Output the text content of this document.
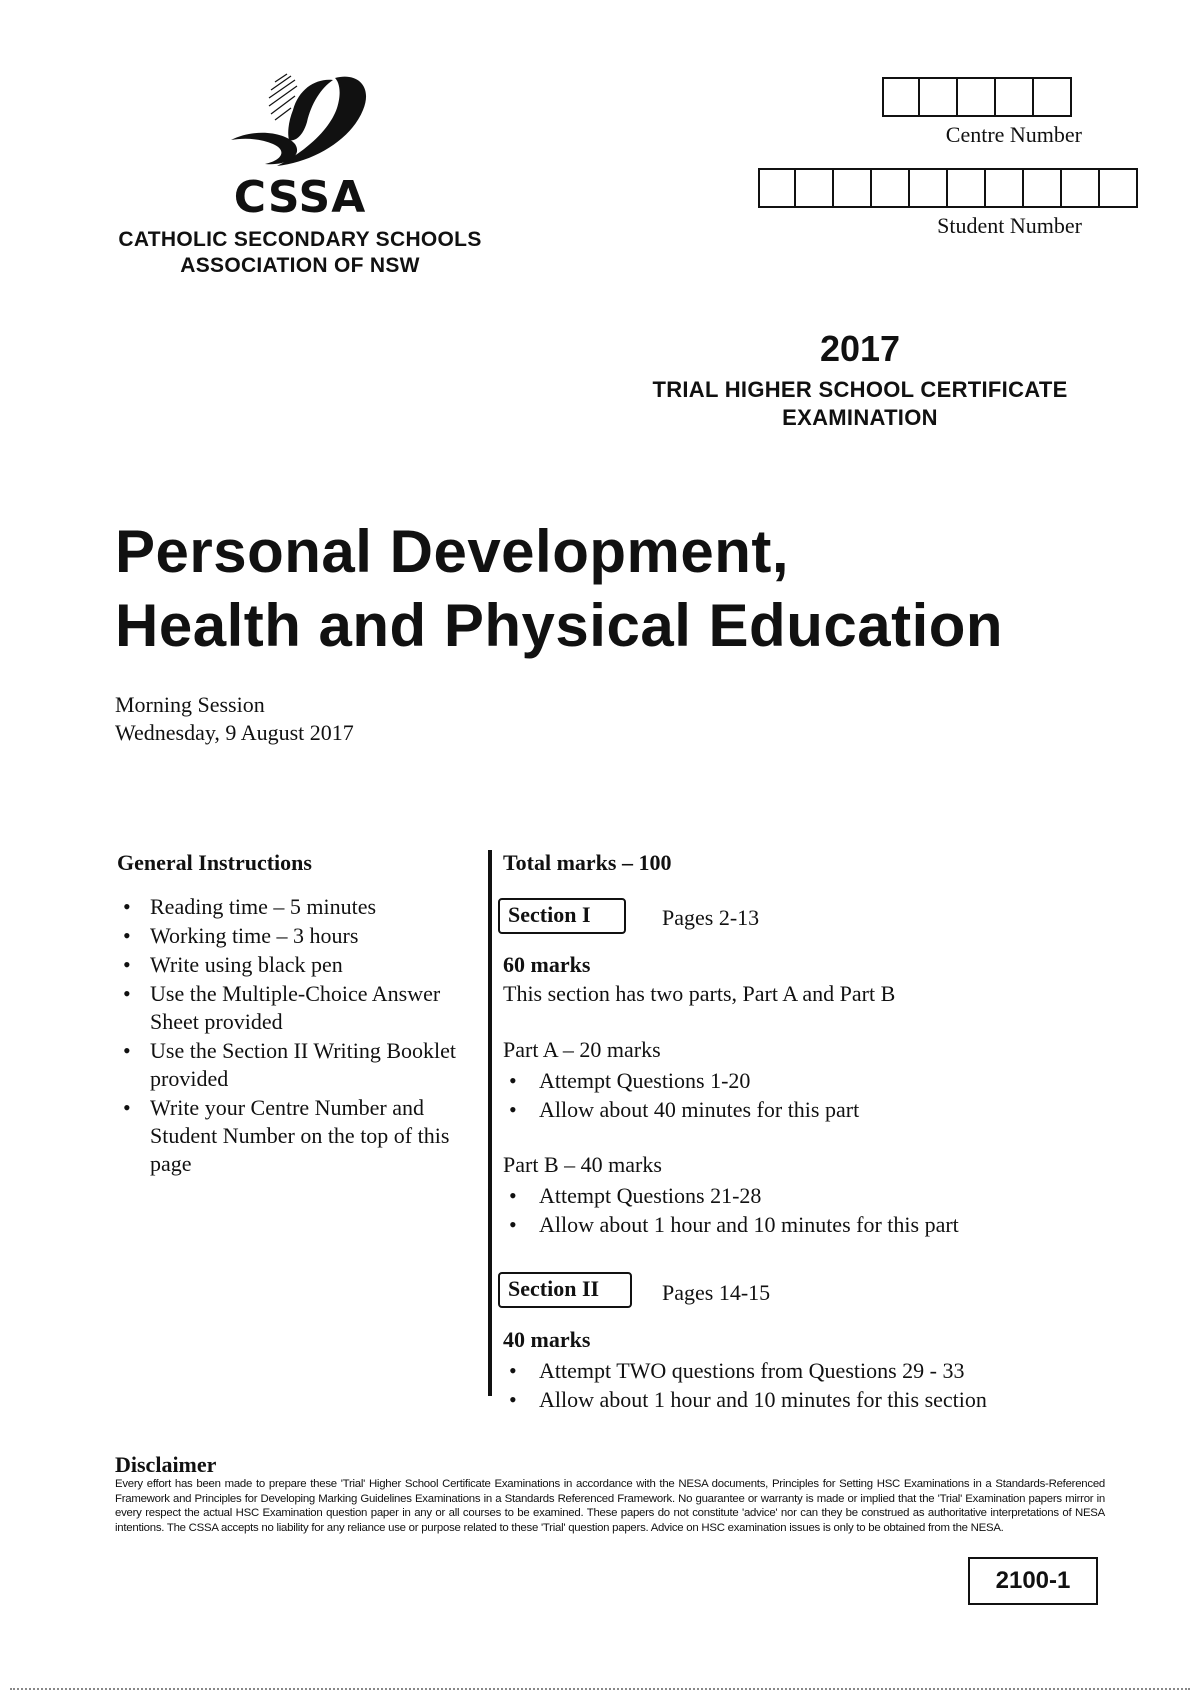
CSSA
CATHOLIC SECONDARY SCHOOLS
ASSOCIATION OF NSW
Centre Number
Student Number
2017
TRIAL HIGHER SCHOOL CERTIFICATE
EXAMINATION
Personal Development,
Health and Physical Education
Morning Session
Wednesday, 9 August 2017
General Instructions
• Reading time – 5 minutes
• Working time – 3 hours
• Write using black pen
• Use the Multiple-Choice Answer Sheet provided
• Use the Section II Writing Booklet provided
• Write your Centre Number and Student Number on the top of this page
Total marks – 100
Section I	Pages 2-13
60 marks
This section has two parts, Part A and Part B
Part A – 20 marks
• Attempt Questions 1-20
• Allow about 40 minutes for this part
Part B – 40 marks
• Attempt Questions 21-28
• Allow about 1 hour and 10 minutes for this part
Section II	Pages 14-15
40 marks
• Attempt TWO questions from Questions 29 - 33
• Allow about 1 hour and 10 minutes for this section
Disclaimer
Every effort has been made to prepare these 'Trial' Higher School Certificate Examinations in accordance with the NESA documents, Principles for Setting HSC Examinations in a Standards-Referenced Framework and Principles for Developing Marking Guidelines Examinations in a Standards Referenced Framework. No guarantee or warranty is made or implied that the 'Trial' Examination papers mirror in every respect the actual HSC Examination question paper in any or all courses to be examined. These papers do not constitute 'advice' nor can they be construed as authoritative interpretations of NESA intentions. The CSSA accepts no liability for any reliance use or purpose related to these 'Trial' question papers. Advice on HSC examination issues is only to be obtained from the NESA.
2100-1
